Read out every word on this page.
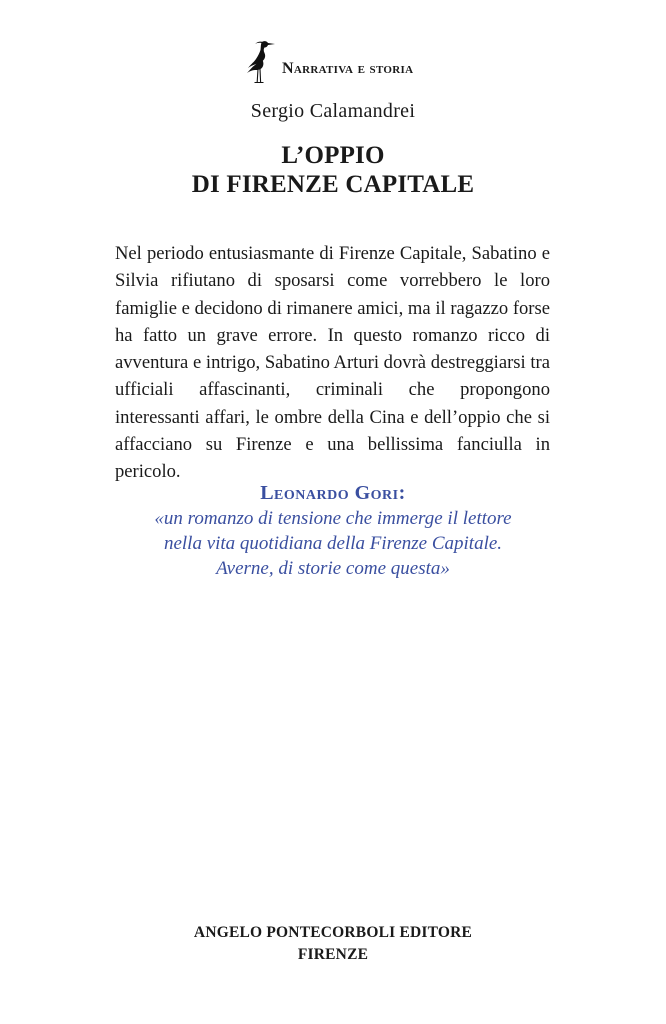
Narrativa e storia
Sergio Calamandrei
L’OPPIO
DI FIRENZE CAPITALE

Nel periodo entusiasmante di Firenze Capitale, Sabatino e Silvia rifiutano di sposarsi come vorrebbero le loro famiglie e decidono di rimanere amici, ma il ragazzo forse ha fatto un grave errore. In questo romanzo ricco di avventura e intrigo, Sabatino Arturi dovrà destreggiarsi tra ufficiali affascinanti, criminali che propongono interessanti affari, le ombre della Cina e dell’oppio che si affacciano su Firenze e una bellissima fanciulla in pericolo.

Leonardo Gori:
«un romanzo di tensione che immerge il lettore
nella vita quotidiana della Firenze Capitale.
Averne, di storie come questa»
ANGELO PONTECORBOLI EDITORE
FIRENZE
